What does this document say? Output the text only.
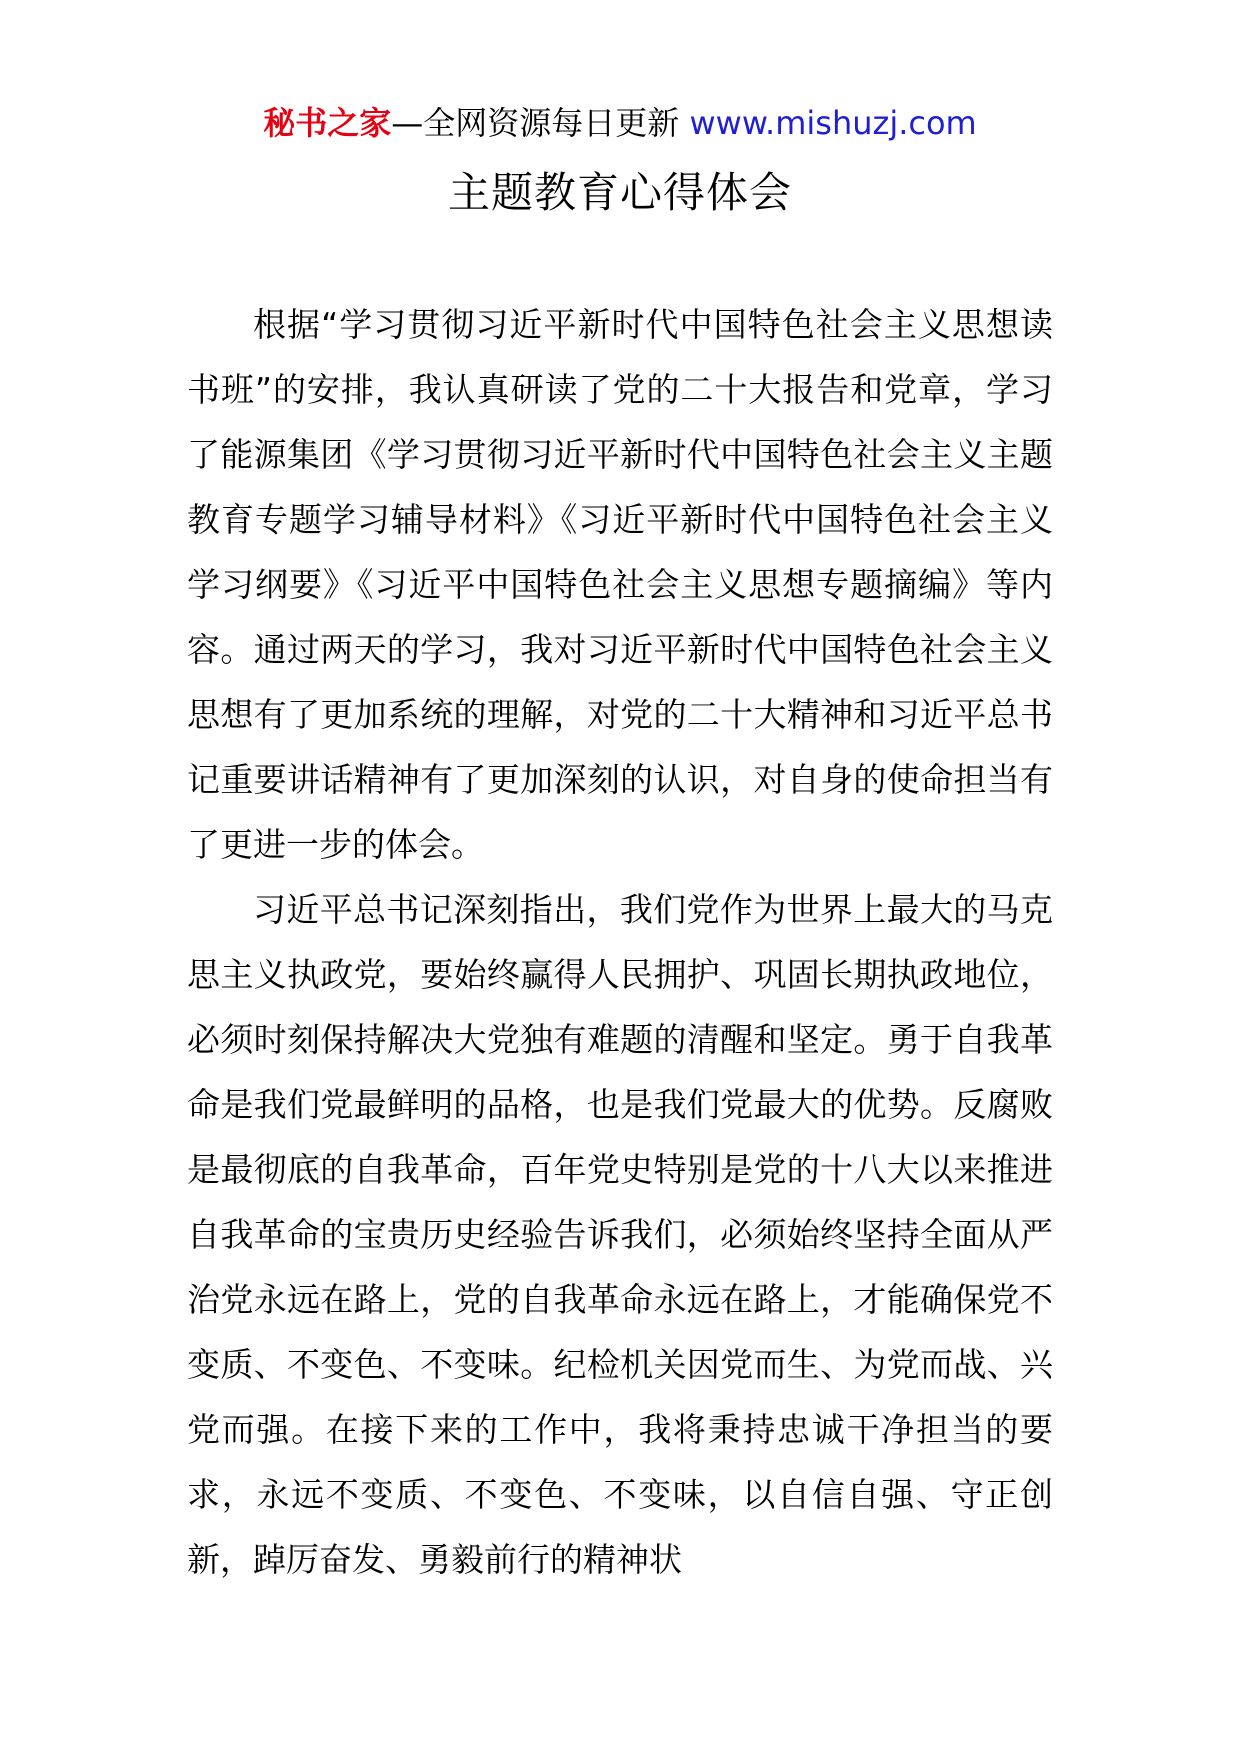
秘书之家—全网资源每日更新 www.mishuzj.com
主题教育心得体会

根据“学习贯彻习近平新时代中国特色社会主义思想读书班”的安排，我认真研读了党的二十大报告和党章，学习了能源集团《学习贯彻习近平新时代中国特色社会主义主题教育专题学习辅导材料》《习近平新时代中国特色社会主义学习纲要》《习近平中国特色社会主义思想专题摘编》等内容。通过两天的学习，我对习近平新时代中国特色社会主义思想有了更加系统的理解，对党的二十大精神和习近平总书记重要讲话精神有了更加深刻的认识，对自身的使命担当有了更进一步的体会。

习近平总书记深刻指出，我们党作为世界上最大的马克思主义执政党，要始终赢得人民拥护、巩固长期执政地位，必须时刻保持解决大党独有难题的清醒和坚定。勇于自我革命是我们党最鲜明的品格，也是我们党最大的优势。反腐败是最彻底的自我革命，百年党史特别是党的十八大以来推进自我革命的宝贵历史经验告诉我们，必须始终坚持全面从严治党永远在路上，党的自我革命永远在路上，才能确保党不变质、不变色、不变味。纪检机关因党而生、为党而战、兴党而强。在接下来的工作中，我将秉持忠诚干净担当的要求，永远不变质、不变色、不变味，以自信自强、守正创新，踔厉奋发、勇毅前行的精神状
